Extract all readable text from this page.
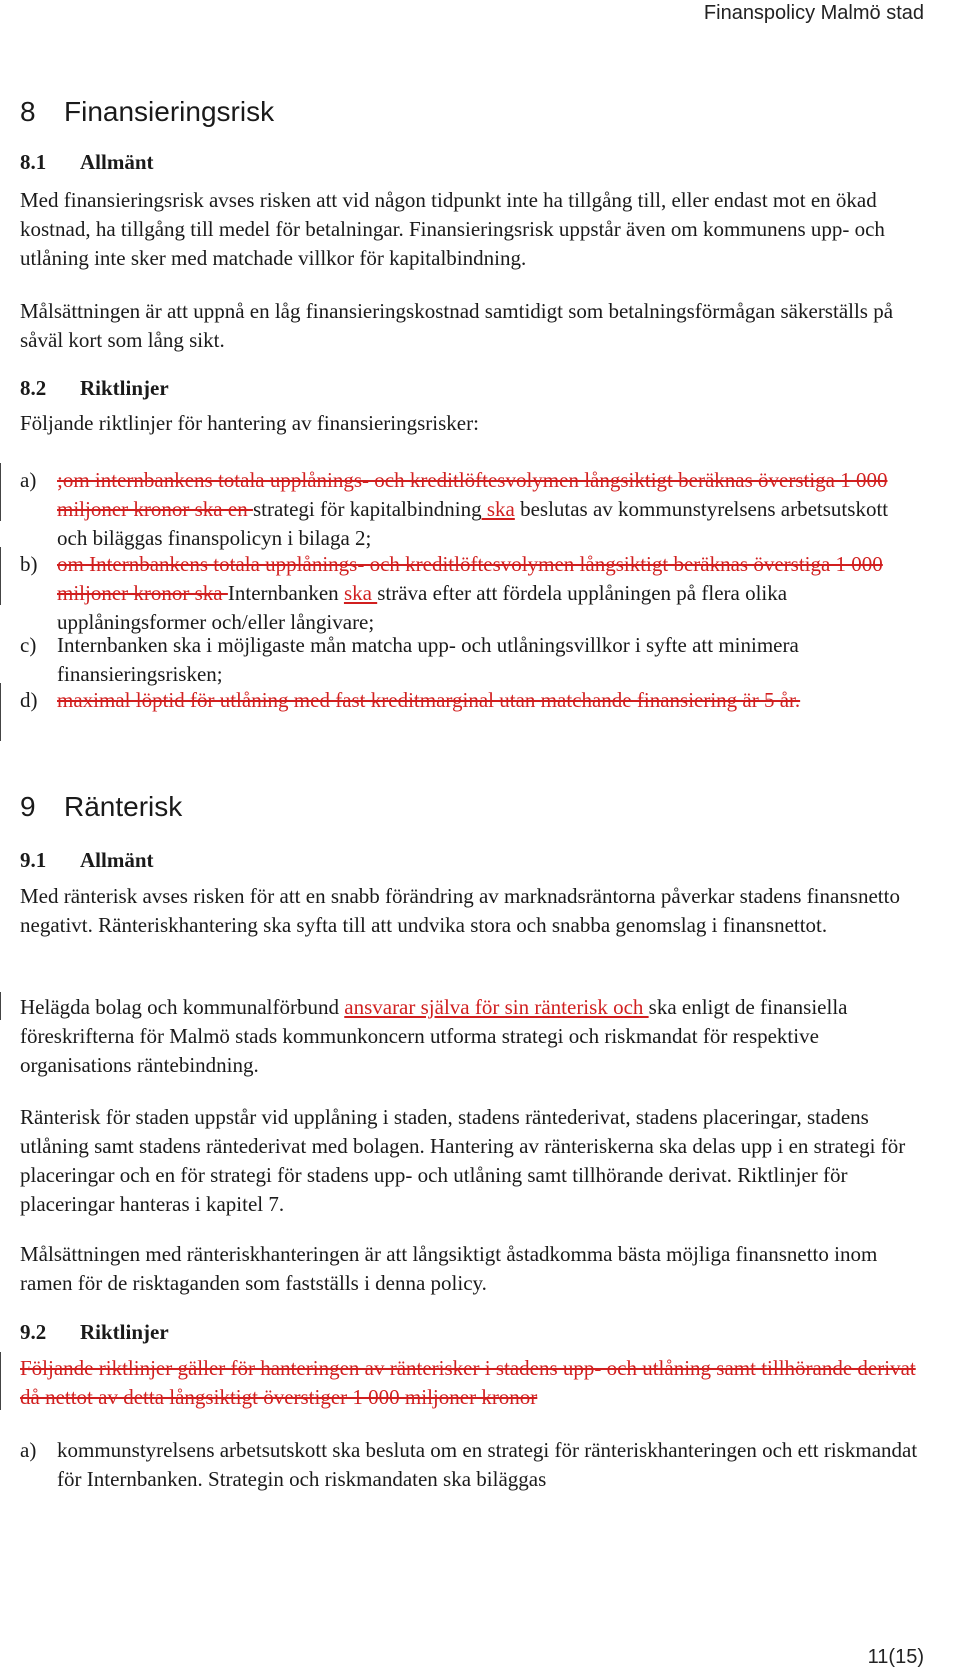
Finanspolicy Malmö stad
8 Finansieringsrisk
8.1 Allmänt

Med finansieringsrisk avses risken att vid någon tidpunkt inte ha tillgång till, eller endast mot en ökad kostnad, ha tillgång till medel för betalningar. Finansieringsrisk uppstår även om kommunens upp- och utlåning inte sker med matchade villkor för kapitalbindning.

Målsättningen är att uppnå en låg finansieringskostnad samtidigt som betalningsförmågan säkerställs på såväl kort som lång sikt.

8.2 Riktlinjer

Följande riktlinjer för hantering av finansieringsrisker:

a) ;om internbankens totala upplånings- och kreditlöftesvolymen långsiktigt beräknas överstiga 1 000 miljoner kronor ska en strategi för kapitalbindning ska beslutas av kommunstyrelsens arbetsutskott och biläggas finanspolicyn i bilaga 2;
b) om Internbankens totala upplånings- och kreditlöftesvolymen långsiktigt beräknas överstiga 1 000 miljoner kronor ska Internbanken ska sträva efter att fördela upplåningen på flera olika upplåningsformer och/eller långivare;
c) Internbanken ska i möjligaste mån matcha upp- och utlåningsvillkor i syfte att minimera finansieringsrisken;
d) maximal löptid för utlåning med fast kreditmarginal utan matchande finansiering är 5 år.
9 Ränterisk
9.1 Allmänt

Med ränterisk avses risken för att en snabb förändring av marknadsräntorna påverkar stadens finansnetto negativt. Ränteriskhantering ska syfta till att undvika stora och snabba genomslag i finansnettot.

Helägda bolag och kommunalförbund ansvarar själva för sin ränterisk och ska enligt de finansiella föreskrifterna för Malmö stads kommunkoncern utforma strategi och riskmandat för respektive organisations räntebindning.

Ränterisk för staden uppstår vid upplåning i staden, stadens räntederivat, stadens placeringar, stadens utlåning samt stadens räntederivat med bolagen. Hantering av ränteriskerna ska delas upp i en strategi för placeringar och en för strategi för stadens upp- och utlåning samt tillhörande derivat. Riktlinjer för placeringar hanteras i kapitel 7.

Målsättningen med ränteriskhanteringen är att långsiktigt åstadkomma bästa möjliga finansnetto inom ramen för de risktaganden som fastställs i denna policy.

9.2 Riktlinjer

Följande riktlinjer gäller för hanteringen av ränterisker i stadens upp- och utlåning samt tillhörande derivat då nettot av detta långsiktigt överstiger 1 000 miljoner kronor

a) kommunstyrelsens arbetsutskott ska besluta om en strategi för ränteriskhanteringen och ett riskmandat för Internbanken. Strategin och riskmandaten ska biläggas
11(15)
